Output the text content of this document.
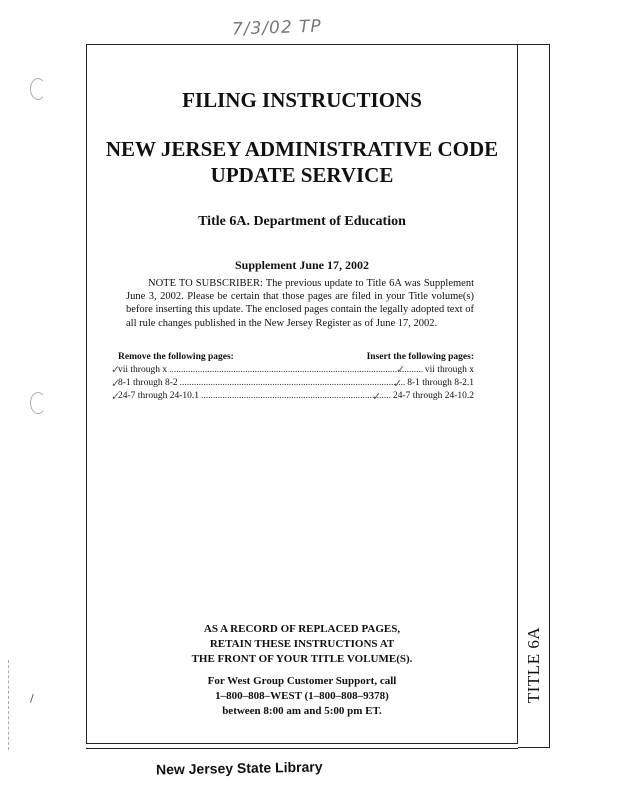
7/3/02 TP
/
FILING INSTRUCTIONS
NEW JERSEY ADMINISTRATIVE CODE
UPDATE SERVICE
Title 6A. Department of Education
Supplement June 17, 2002
NOTE TO SUBSCRIBER: The previous update to Title 6A was Supplement June 3, 2002. Please be certain that those pages are filed in your Title volume(s) before inserting this update. The enclosed pages contain the legally adopted text of all rule changes published in the New Jersey Register as of June 17, 2002.
Remove the following pages:	Insert the following pages:
vii through x .....	vii through x
8-1 through 8-2 .....	8-1 through 8-2.1
24-7 through 24-10.1 .....	24-7 through 24-10.2
✓
✓
✓
✓
✓
✓
AS A RECORD OF REPLACED PAGES,
RETAIN THESE INSTRUCTIONS AT
THE FRONT OF YOUR TITLE VOLUME(S).
For West Group Customer Support, call
1–800–808–WEST (1–800–808–9378)
between 8:00 am and 5:00 pm ET.
TITLE 6A
New Jersey State Library
